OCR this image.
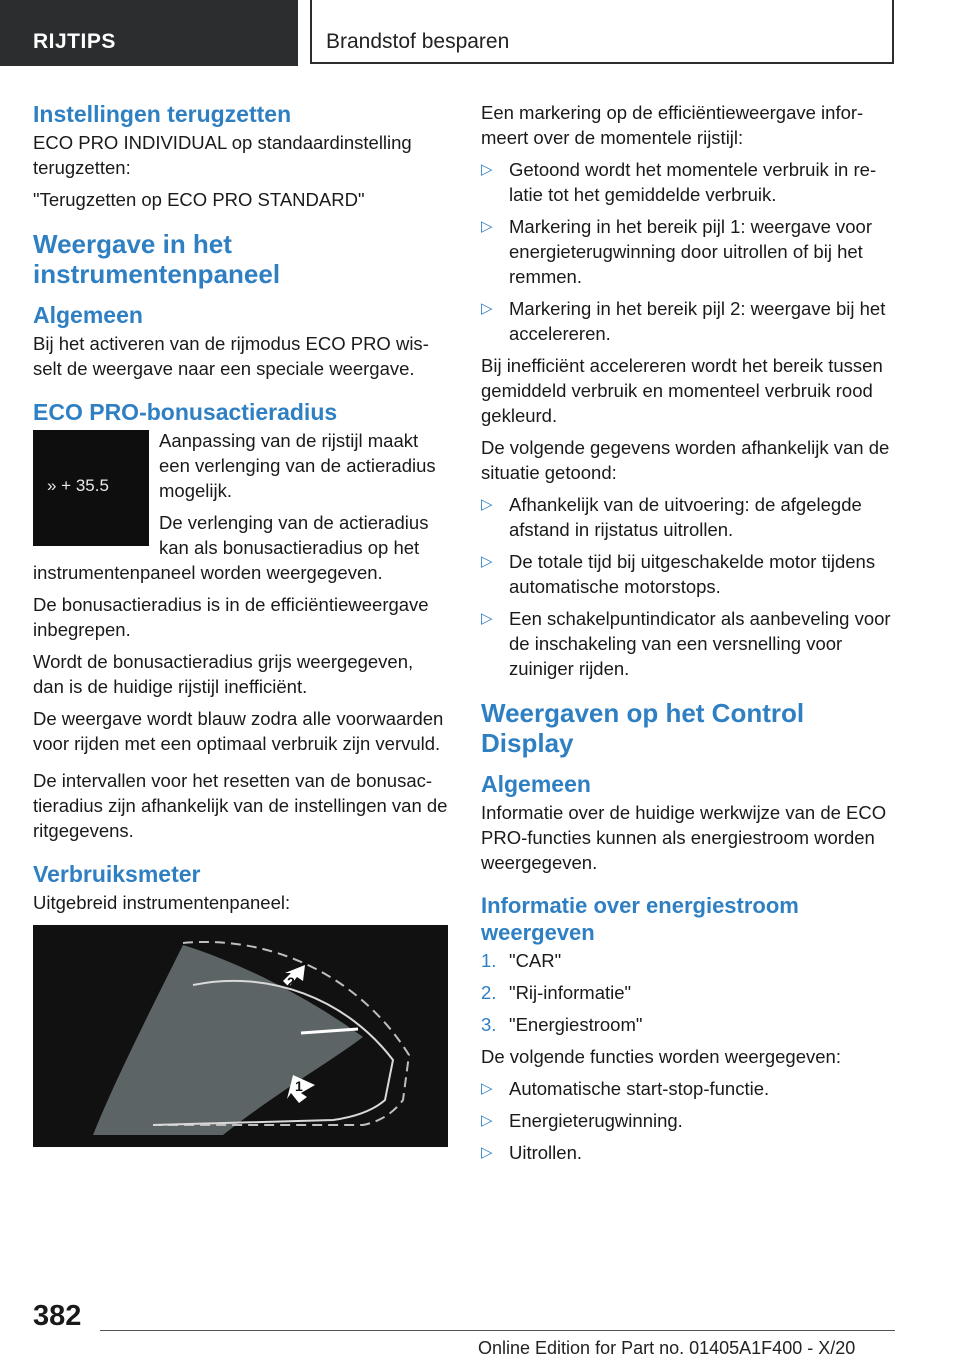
RIJTIPS	Brandstof besparen
Instellingen terugzetten

ECO PRO INDIVIDUAL op standaardinstelling terugzetten:

"Terugzetten op ECO PRO STANDARD"

Weergave in het instrumentenpaneel
Algemeen

Bij het activeren van de rijmodus ECO PRO wisselt de weergave naar een speciale weergave.

ECO PRO-bonusactieradius
» + 35.5

Aanpassing van de rijstijl maakt een verlenging van de actieradius mogelijk.

De verlenging van de actieradius kan als bonusactieradius op het instrumentenpaneel worden weergegeven.

De bonusactieradius is in de efficiëntieweergave inbegrepen.

Wordt de bonusactieradius grijs weergegeven, dan is de huidige rijstijl inefficiënt.

De weergave wordt blauw zodra alle voorwaarden voor rijden met een optimaal verbruik zijn vervuld.

De intervallen voor het resetten van de bonusactieradius zijn afhankelijk van de instellingen van de ritgegevens.

Verbruiksmeter

Uitgebreid instrumentenpaneel:

2
1

Een markering op de efficiëntieweergave informeert over de momentele rijstijl:

▷ Getoond wordt het momentele verbruik in relatie tot het gemiddelde verbruik.
▷ Markering in het bereik pijl 1: weergave voor energieterugwinning door uitrollen of bij het remmen.
▷ Markering in het bereik pijl 2: weergave bij het accelereren.

Bij inefficiënt accelereren wordt het bereik tussen gemiddeld verbruik en momenteel verbruik rood gekleurd.

De volgende gegevens worden afhankelijk van de situatie getoond:

▷ Afhankelijk van de uitvoering: de afgelegde afstand in rijstatus uitrollen.
▷ De totale tijd bij uitgeschakelde motor tijdens automatische motorstops.
▷ Een schakelpuntindicator als aanbeveling voor de inschakeling van een versnelling voor zuiniger rijden.
Weergaven op het Control Display
Algemeen

Informatie over de huidige werkwijze van de ECO PRO-functies kunnen als energiestroom worden weergegeven.

Informatie over energiestroom weergeven
1. "CAR"
2. "Rij-informatie"
3. "Energiestroom"

De volgende functies worden weergegeven:

▷ Automatische start-stop-functie.
▷ Energieterugwinning.
▷ Uitrollen.
382
Online Edition for Part no. 01405A1F400 - X/20
